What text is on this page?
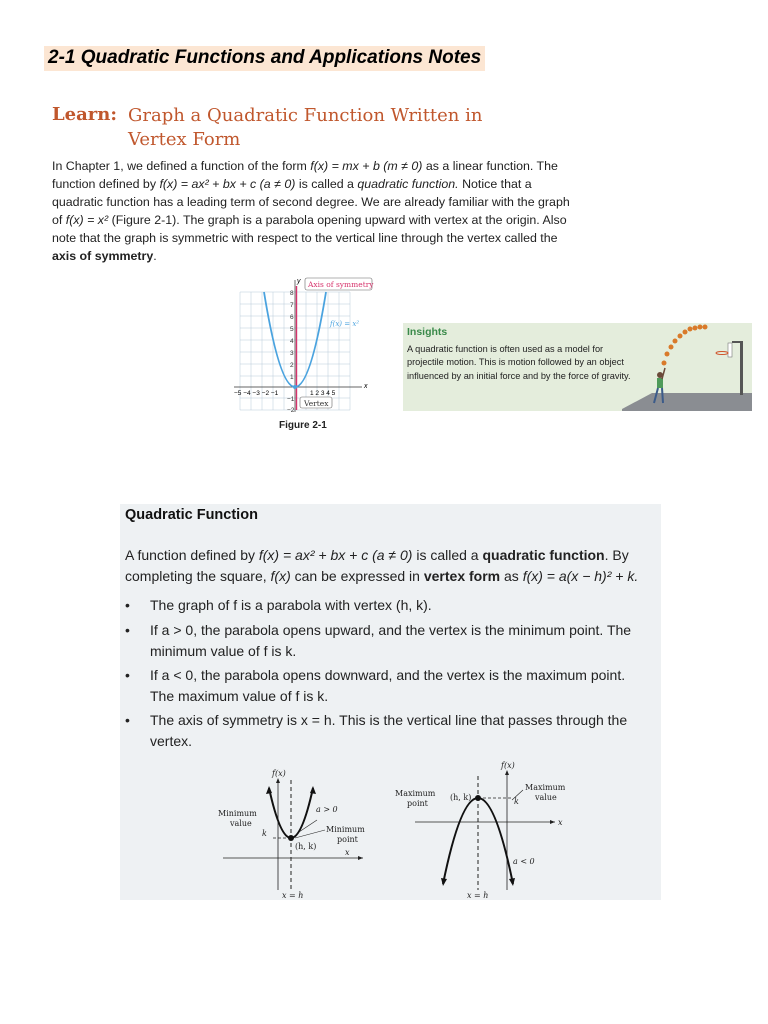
2-1 Quadratic Functions and Applications Notes
Learn: Graph a Quadratic Function Written in
Vertex Form
In Chapter 1, we defined a function of the form f(x) = mx + b (m ≠ 0) as a linear function. The function defined by f(x) = ax² + bx + c (a ≠ 0) is called a quadratic function. Notice that a quadratic function has a leading term of second degree. We are already familiar with the graph of f(x) = x² (Figure 2-1). The graph is a parabola opening upward with vertex at the origin. Also note that the graph is symmetric with respect to the vertical line through the vertex called the axis of symmetry.
Axis of symmetry
f(x) = x²
Vertex
x
y
−5 −4 −3 −2 −1	1 2 3 4 5
8
7
6
5
4
3
2
1
−1
−2
Figure 2-1
Insights
A quadratic function is often used as a model for projectile motion. This is motion followed by an object influenced by an initial force and by the force of gravity.
Quadratic Function
A function defined by f(x) = ax² + bx + c (a ≠ 0) is called a quadratic function. By completing the square, f(x) can be expressed in vertex form as f(x) = a(x − h)² + k.
• The graph of f is a parabola with vertex (h, k).
• If a > 0, the parabola opens upward, and the vertex is the minimum point. The minimum value of f is k.
• If a < 0, the parabola opens downward, and the vertex is the maximum point. The maximum value of f is k.
• The axis of symmetry is x = h. This is the vertical line that passes through the vertex.
f(x)
Minimum
value
k
a > 0
Minimum
point
(h, k)
x
x = h
f(x)
Maximum
point
(h, k)
Maximum
value
k
x
a < 0
x = h
